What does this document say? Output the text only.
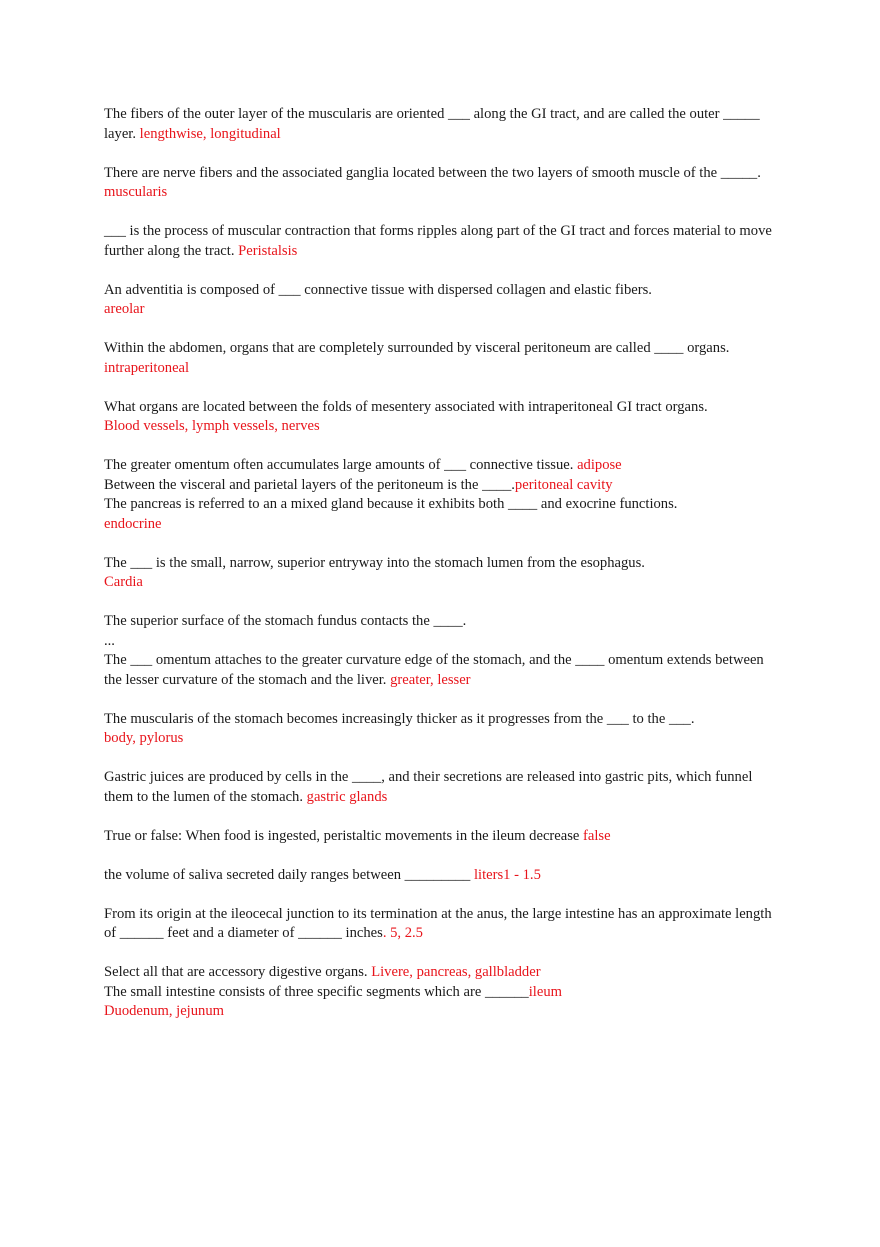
The fibers of the outer layer of the muscularis are oriented ___ along the GI tract, and are called the outer _____ layer. lengthwise, longitudinal

There are nerve fibers and the associated ganglia located between the two layers of smooth muscle of the _____. muscularis

___ is the process of muscular contraction that forms ripples along part of the GI tract and forces material to move further along the tract. Peristalsis

An adventitia is composed of ___ connective tissue with dispersed collagen and elastic fibers.
areolar

Within the abdomen, organs that are completely surrounded by visceral peritoneum are called ____ organs. intraperitoneal

What organs are located between the folds of mesentery associated with intraperitoneal GI tract organs.
Blood vessels, lymph vessels, nerves

The greater omentum often accumulates large amounts of ___ connective tissue. adipose

Between the visceral and parietal layers of the peritoneum is the ____.peritoneal cavity

The pancreas is referred to an a mixed gland because it exhibits both ____ and exocrine functions.
endocrine

The ___ is the small, narrow, superior entryway into the stomach lumen from the esophagus.
Cardia

The superior surface of the stomach fundus contacts the ____.
...

The ___ omentum attaches to the greater curvature edge of the stomach, and the ____ omentum extends between the lesser curvature of the stomach and the liver. greater, lesser

The muscularis of the stomach becomes increasingly thicker as it progresses from the ___ to the ___.
body, pylorus

Gastric juices are produced by cells in the ____, and their secretions are released into gastric pits, which funnel them to the lumen of the stomach. gastric glands

True or false: When food is ingested, peristaltic movements in the ileum decrease false

the volume of saliva secreted daily ranges between _________ liters1 - 1.5

From its origin at the ileocecal junction to its termination at the anus, the large intestine has an approximate length of ______ feet and a diameter of ______ inches. 5, 2.5

Select all that are accessory digestive organs. Livere, pancreas, gallbladder

The small intestine consists of three specific segments which are ______ileum
Duodenum, jejunum
